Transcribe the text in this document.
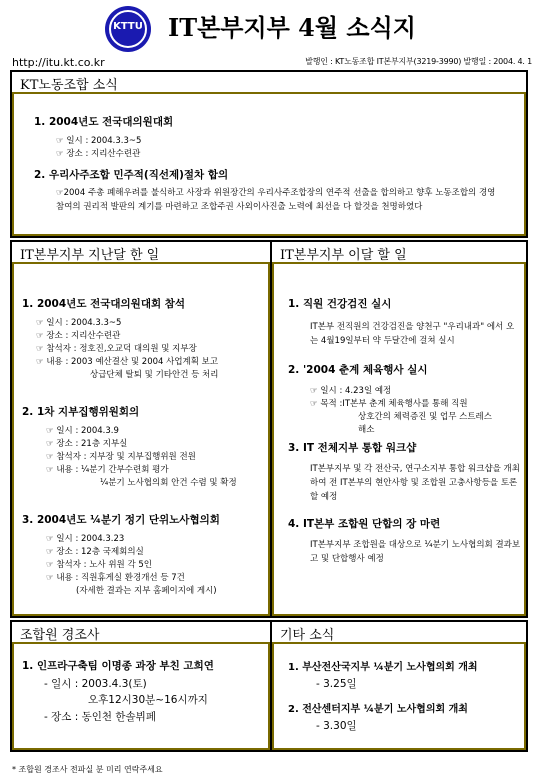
KTTU	IT본부지부 4월 소식지
http://itu.kt.co.kr	발행인 : KT노동조합 IT본부지부(3219-3990) 발행일 : 2004. 4. 1
KT노동조합 소식
1. 2004년도 전국대의원대회
☞ 일시 : 2004.3.3~5
☞ 장소 : 지리산수련관
2. 우리사주조합 민주적(직선제)절차 합의
☞2004 주총 폐해우려를 불식하고 사장과 위원장간의 우리사주조합장의 연주적 선출을 합의하고 향후 노동조합의 경영참여의 권리적 발판의 계기를 마련하고 조합주권 사외이사진출 노력에 최선을 다 할것을 천명하였다
IT본부지부 지난달 한 일
1. 2004년도 전국대의원대회 참석
☞ 일시 : 2004.3.3~5
☞ 장소 : 지리산수련관
☞ 참석자 : 정호진,오교덕 대의원 및 지부장
☞ 내용 : 2003 예산결산 및 2004 사업계획 보고
상급단체 탈퇴 및 기타안건 등 처리
2. 1차 지부집행위원회의
☞ 일시 : 2004.3.9
☞ 장소 : 21층 지부실
☞ 참석자 : 지부장 및 지부집행위원 전원
☞ 내용 : ¼분기 간부수련회 평가
¼분기 노사협의회 안건 수렴 및 확정
3. 2004년도 ¼분기 정기 단위노사협의회
☞ 일시 : 2004.3.23
☞ 장소 : 12층 국제회의실
☞ 참석자 : 노사 위원 각 5인
☞ 내용 : 직원휴게실 환경개선 등 7건
(자세한 결과는 지부 홈페이지에 게시)
IT본부지부 이달 할 일
1. 직원 건강검진 실시
IT본부 전직원의 건강검진을 양천구 "우리내과" 에서 오는 4월19일부터 약 두달간에 걸쳐 실시
2. '2004 춘계 체육행사 실시
☞ 일시 : 4.23일 예정
☞ 목적 :IT본부 춘계 체육행사를 통해 직원
상호간의 체력증진 및 업무 스트레스
해소
3. IT 전체지부 통합 워크샵
IT본부지부 및 각 전산국, 연구소지부 통합 워크샵을 개최하여 전 IT본부의 현안사항 및 조합원 고충사항등을 토론 할 예정
4. IT본부 조합원 단합의 장 마련
IT본부지부 조합원을 대상으로 ¼분기 노사협의회 결과보고 및 단합행사 예정
조합원 경조사
1. 인프라구축팀 이명종 과장 부친 고희연
- 일시 : 2003.4.3(토)
오후12시30분~16시까지
- 장소 : 동인천 한솔뷔페
기타 소식
1. 부산전산국지부 ¼분기 노사협의회 개최
- 3.25일
2. 전산센터지부 ¼분기 노사협의회 개최
- 3.30일
* 조합원 경조사 전파실 분 미리 연락주세요
